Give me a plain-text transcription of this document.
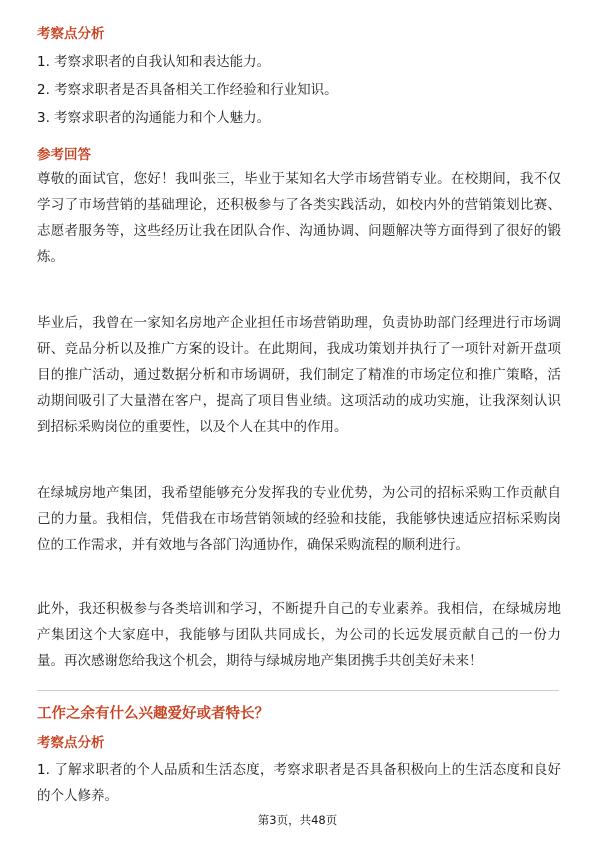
考察点分析
1. 考察求职者的自我认知和表达能力。
2. 考察求职者是否具备相关工作经验和行业知识。
3. 考察求职者的沟通能力和个人魅力。
参考回答
尊敬的面试官，您好！我叫张三，毕业于某知名大学市场营销专业。在校期间，我不仅学习了市场营销的基础理论，还积极参与了各类实践活动，如校内外的营销策划比赛、志愿者服务等，这些经历让我在团队合作、沟通协调、问题解决等方面得到了很好的锻炼。
毕业后，我曾在一家知名房地产企业担任市场营销助理，负责协助部门经理进行市场调研、竞品分析以及推广方案的设计。在此期间，我成功策划并执行了一项针对新开盘项目的推广活动，通过数据分析和市场调研，我们制定了精准的市场定位和推广策略，活动期间吸引了大量潜在客户，提高了项目售业绩。这项活动的成功实施，让我深刻认识到招标采购岗位的重要性，以及个人在其中的作用。
在绿城房地产集团，我希望能够充分发挥我的专业优势，为公司的招标采购工作贡献自己的力量。我相信，凭借我在市场营销领域的经验和技能，我能够快速适应招标采购岗位的工作需求，并有效地与各部门沟通协作，确保采购流程的顺利进行。
此外，我还积极参与各类培训和学习，不断提升自己的专业素养。我相信，在绿城房地产集团这个大家庭中，我能够与团队共同成长，为公司的长远发展贡献自己的一份力量。再次感谢您给我这个机会，期待与绿城房地产集团携手共创美好未来！
工作之余有什么兴趣爱好或者特长？
考察点分析
1. 了解求职者的个人品质和生活态度，考察求职者是否具备积极向上的生活态度和良好的个人修养。
第3页，共48页
